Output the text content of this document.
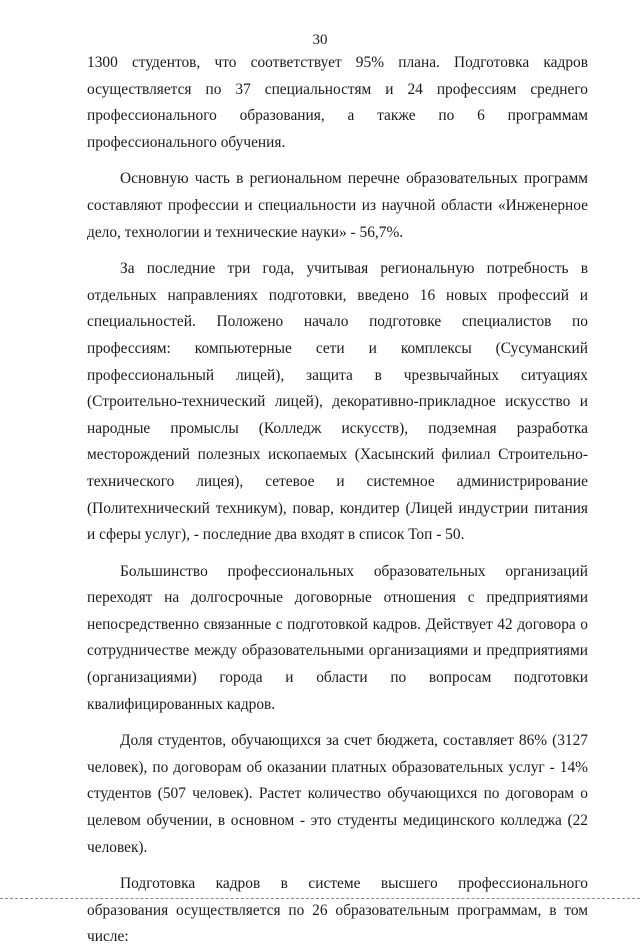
30

1300 студентов, что соответствует 95% плана. Подготовка кадров осуществляется по 37 специальностям и 24 профессиям среднего профессионального образования, а также по 6 программам профессионального обучения.

Основную часть в региональном перечне образовательных программ составляют профессии и специальности из научной области «Инженерное дело, технологии и технические науки» - 56,7%.

За последние три года, учитывая региональную потребность в отдельных направлениях подготовки, введено 16 новых профессий и специальностей. Положено начало подготовке специалистов по профессиям: компьютерные сети и комплексы (Сусуманский профессиональный лицей), защита в чрезвычайных ситуациях (Строительно-технический лицей), декоративно-прикладное искусство и народные промыслы (Колледж искусств), подземная разработка месторождений полезных ископаемых (Хасынский филиал Строительно-технического лицея), сетевое и системное администрирование (Политехнический техникум), повар, кондитер (Лицей индустрии питания и сферы услуг), - последние два входят в список Топ - 50.

Большинство профессиональных образовательных организаций переходят на долгосрочные договорные отношения с предприятиями непосредственно связанные с подготовкой кадров. Действует 42 договора о сотрудничестве между образовательными организациями и предприятиями (организациями) города и области по вопросам подготовки квалифицированных кадров.

Доля студентов, обучающихся за счет бюджета, составляет 86% (3127 человек), по договорам об оказании платных образовательных услуг - 14% студентов (507 человек). Растет количество обучающихся по договорам о целевом обучении, в основном - это студенты медицинского колледжа (22 человек).

Подготовка кадров в системе высшего профессионального образования осуществляется по 26 образовательным программам, в том числе:
